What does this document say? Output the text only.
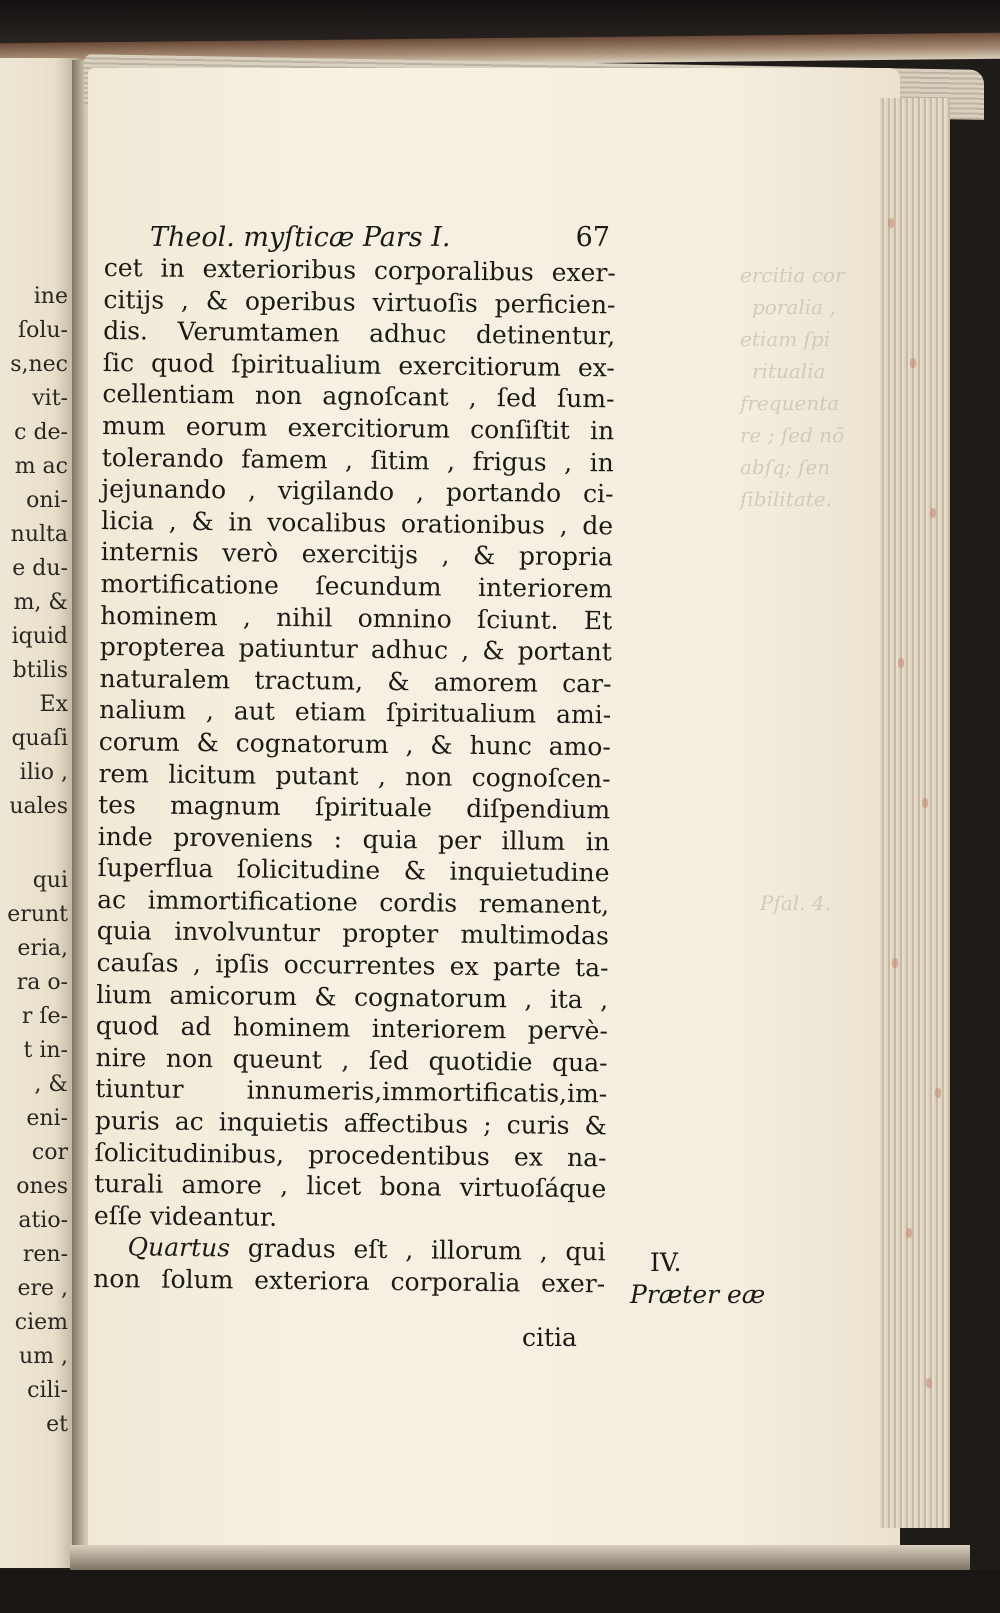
ine
ſolu-
s,nec
vit-
c de-
m ac
oni-
nulta
e du-
m, &
iquid
btilis
Ex
quaſi
ilio ,
uales
qui
erunt
eria,
ra o-
r ſe-
t in-
, &
eni-
cor
ones
atio-
ren-
ere ,
ciem
um ,
cili-
et
ercitia cor
poralia ,
etiam ſpi
ritualia
frequenta
re ; ſed nõ
abſq; ſen
ſibilitate.
Pſal. 4.
Theol. myſticæ Pars I.	67
cet in exterioribus corporalibus exer-
citijs , & operibus virtuoſis perficien-
dis. Verumtamen adhuc detinentur,
ſic quod ſpiritualium exercitiorum ex-
cellentiam non agnoſcant , ſed ſum-
mum eorum exercitiorum conſiſtit in
tolerando famem , ſitim , frigus , in
jejunando , vigilando , portando ci-
licia , & in vocalibus orationibus , de
internis verò exercitijs , & propria
mortificatione ſecundum interiorem
hominem , nihil omnino ſciunt. Et
propterea patiuntur adhuc , & portant
naturalem tractum, & amorem car-
nalium , aut etiam ſpiritualium ami-
corum & cognatorum , & hunc amo-
rem licitum putant , non cognoſcen-
tes magnum ſpirituale diſpendium
inde proveniens : quia per illum in
ſuperflua ſolicitudine & inquietudine
ac immortificatione cordis remanent,
quia involvuntur propter multimodas
cauſas , ipſis occurrentes ex parte ta-
lium amicorum & cognatorum , ita ,
quod ad hominem interiorem pervè-
nire non queunt , ſed quotidie qua-
tiuntur innumeris,immortificatis,im-
puris ac inquietis affectibus ; curis &
ſolicitudinibus, procedentibus ex na-
turali amore , licet bona virtuoſáque
eſſe videantur.
Quartus gradus eſt , illorum , qui
non ſolum exteriora corporalia exer-
citia
IV.
Præter eæ
